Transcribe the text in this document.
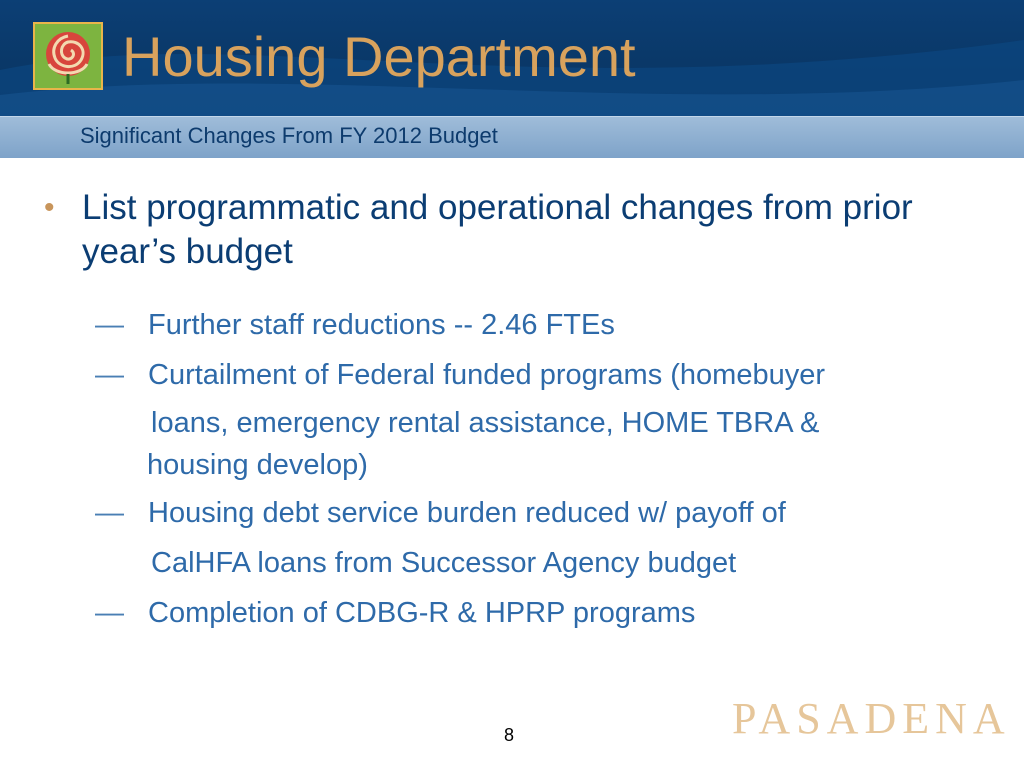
Housing Department
Significant Changes From FY 2012 Budget
• List programmatic and operational changes from prior year’s budget
— Further staff reductions -- 2.46 FTEs
— Curtailment of Federal funded programs (homebuyer
loans, emergency rental assistance, HOME TBRA &
housing develop)
— Housing debt service burden reduced w/ payoff of
CalHFA loans from Successor Agency budget
— Completion of CDBG-R & HPRP programs
8	PASADENA
